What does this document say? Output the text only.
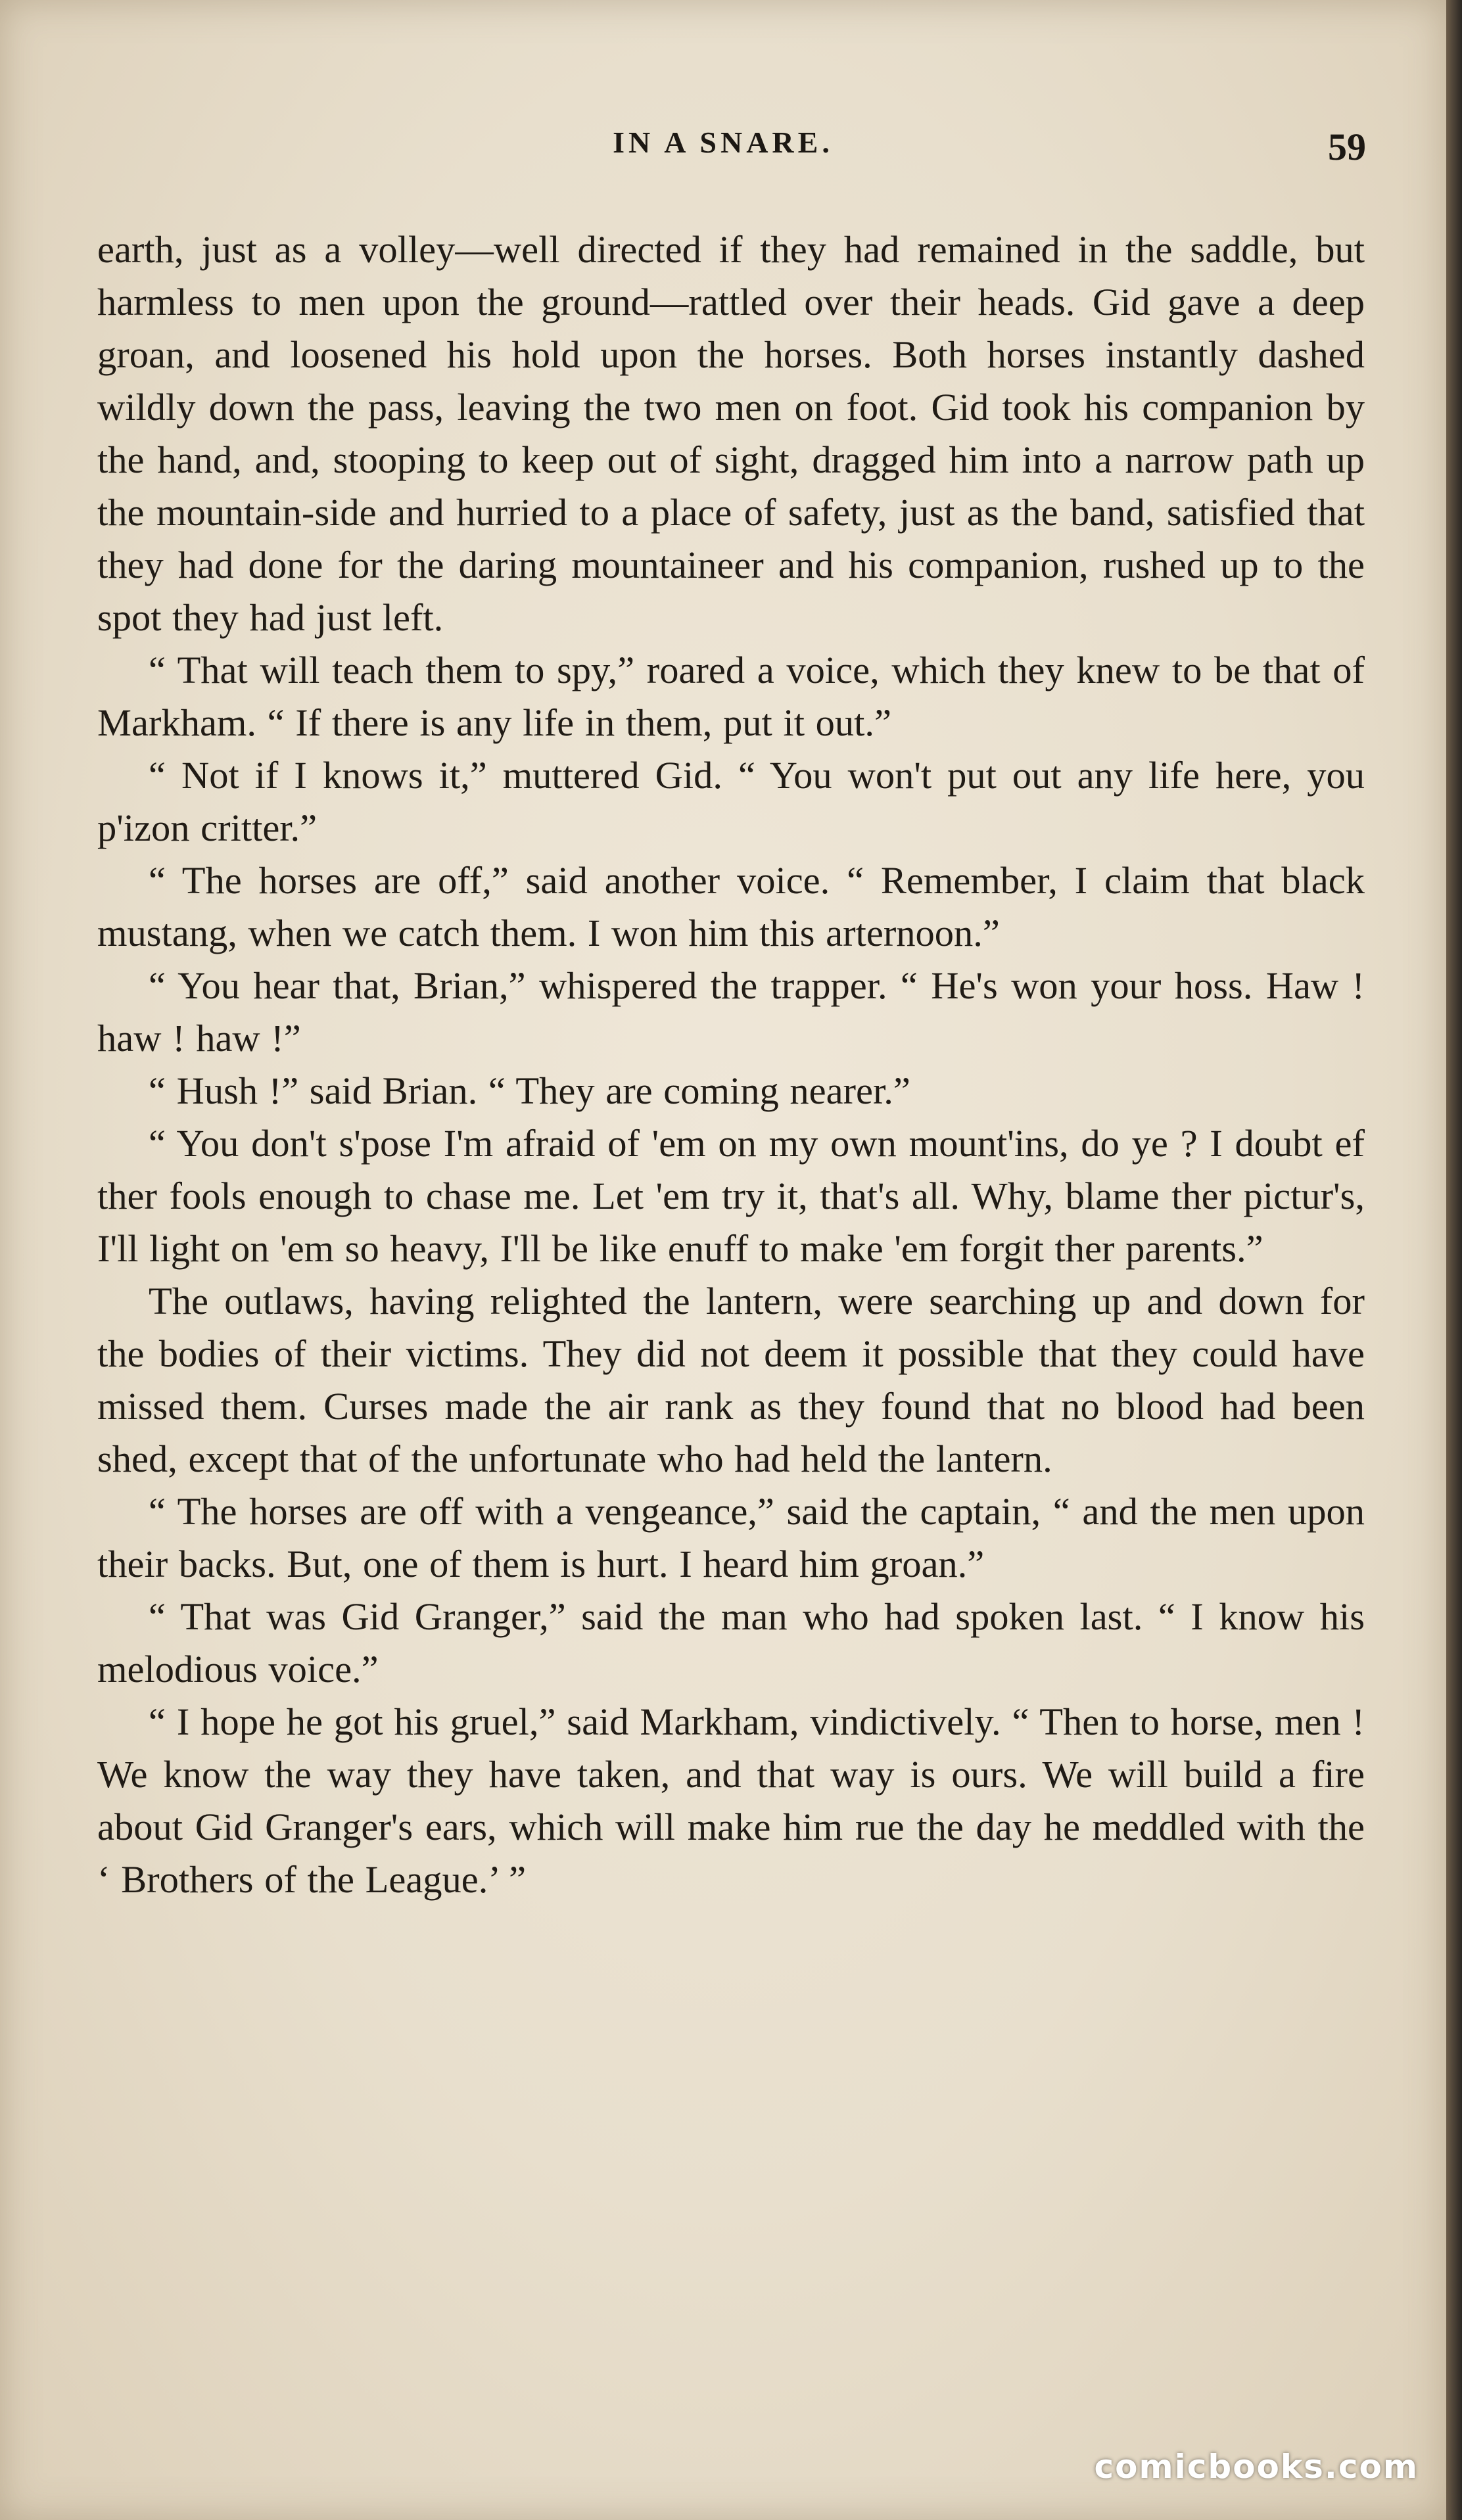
IN A SNARE.	59

earth, just as a volley—well directed if they had remained in the saddle, but harmless to men upon the ground—rattled over their heads. Gid gave a deep groan, and loosened his hold upon the horses. Both horses instantly dashed wildly down the pass, leaving the two men on foot. Gid took his companion by the hand, and, stooping to keep out of sight, dragged him into a narrow path up the mountain-side and hurried to a place of safety, just as the band, satisfied that they had done for the daring mountaineer and his companion, rushed up to the spot they had just left.

“ That will teach them to spy,” roared a voice, which they knew to be that of Markham. “ If there is any life in them, put it out.”

“ Not if I knows it,” muttered Gid. “ You won't put out any life here, you p'izon critter.”

“ The horses are off,” said another voice. “ Remember, I claim that black mustang, when we catch them. I won him this arternoon.”

“ You hear that, Brian,” whispered the trapper. “ He's won your hoss. Haw ! haw ! haw !”

“ Hush !” said Brian. “ They are coming nearer.”

“ You don't s'pose I'm afraid of 'em on my own mount'ins, do ye ? I doubt ef ther fools enough to chase me. Let 'em try it, that's all. Why, blame ther pictur's, I'll light on 'em so heavy, I'll be like enuff to make 'em forgit ther parents.”

The outlaws, having relighted the lantern, were searching up and down for the bodies of their victims. They did not deem it possible that they could have missed them. Curses made the air rank as they found that no blood had been shed, except that of the unfortunate who had held the lantern.

“ The horses are off with a vengeance,” said the captain, “ and the men upon their backs. But, one of them is hurt. I heard him groan.”

“ That was Gid Granger,” said the man who had spoken last. “ I know his melodious voice.”

“ I hope he got his gruel,” said Markham, vindictively. “ Then to horse, men ! We know the way they have taken, and that way is ours. We will build a fire about Gid Granger's ears, which will make him rue the day he meddled with the ‘ Brothers of the League.’ ”

comicbooks.com
